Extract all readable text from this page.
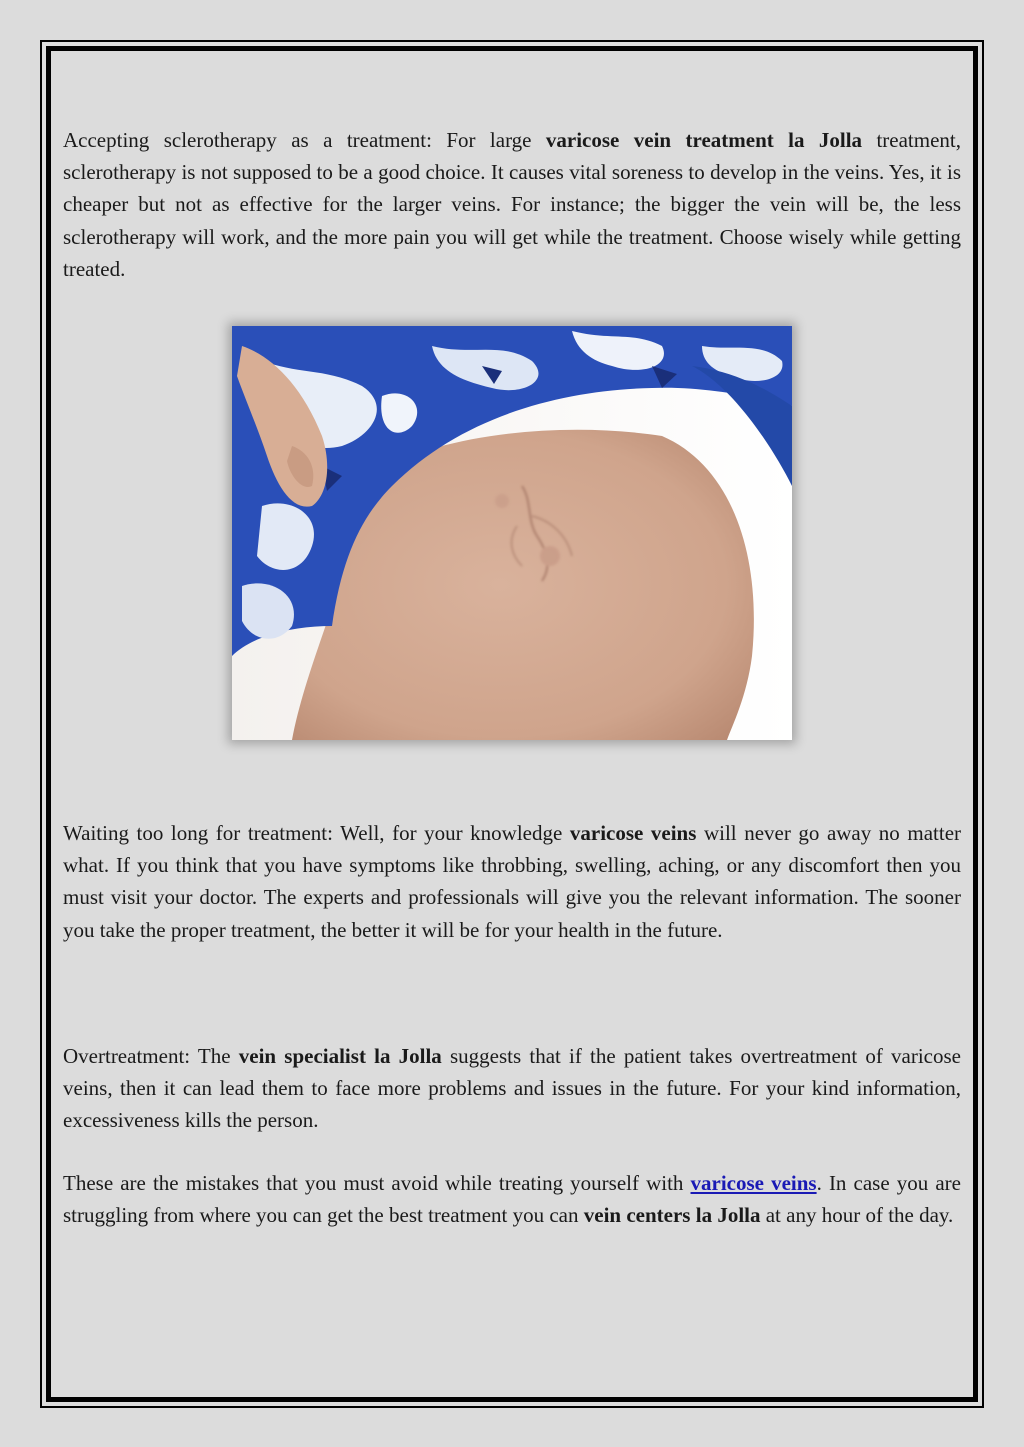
Accepting sclerotherapy as a treatment: For large varicose vein treatment la Jolla treatment, sclerotherapy is not supposed to be a good choice. It causes vital soreness to develop in the veins. Yes, it is cheaper but not as effective for the larger veins. For instance; the bigger the vein will be, the less sclerotherapy will work, and the more pain you will get while the treatment. Choose wisely while getting treated.

Waiting too long for treatment: Well, for your knowledge varicose veins will never go away no matter what. If you think that you have symptoms like throbbing, swelling, aching, or any discomfort then you must visit your doctor. The experts and professionals will give you the relevant information. The sooner you take the proper treatment, the better it will be for your health in the future.

Overtreatment: The vein specialist la Jolla suggests that if the patient takes overtreatment of varicose veins, then it can lead them to face more problems and issues in the future. For your kind information, excessiveness kills the person.

These are the mistakes that you must avoid while treating yourself with varicose veins. In case you are struggling from where you can get the best treatment you can vein centers la Jolla at any hour of the day.
